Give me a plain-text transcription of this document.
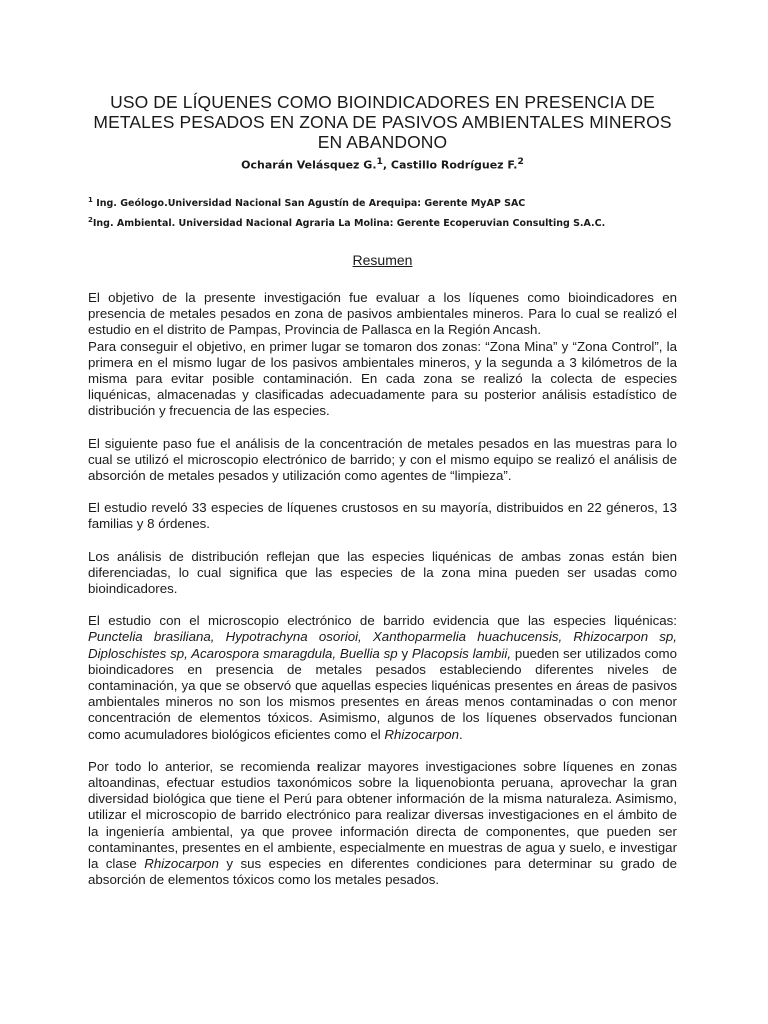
USO DE LÍQUENES COMO BIOINDICADORES EN PRESENCIA DE METALES PESADOS EN ZONA DE PASIVOS AMBIENTALES MINEROS EN ABANDONO
Ocharán Velásquez G.$^1$, Castillo Rodríguez F.$^2$
$^1$ Ing. Geólogo.Universidad Nacional San Agustín de Arequipa: Gerente MyAP SAC
$^2$Ing. Ambiental. Universidad Nacional Agraria La Molina: Gerente Ecoperuvian Consulting S.A.C.
Resumen

El objetivo de la presente investigación fue evaluar a los líquenes como bioindicadores en presencia de metales pesados en zona de pasivos ambientales mineros. Para lo cual se realizó el estudio en el distrito de Pampas, Provincia de Pallasca en la Región Ancash.

Para conseguir el objetivo, en primer lugar se tomaron dos zonas: “Zona Mina” y “Zona Control”, la primera en el mismo lugar de los pasivos ambientales mineros, y la segunda a 3 kilómetros de la misma para evitar posible contaminación. En cada zona se realizó la colecta de especies liquénicas, almacenadas y clasificadas adecuadamente para su posterior análisis estadístico de distribución y frecuencia de las especies.

El siguiente paso fue el análisis de la concentración de metales pesados en las muestras para lo cual se utilizó el microscopio electrónico de barrido; y con el mismo equipo se realizó el análisis de absorción de metales pesados y utilización como agentes de “limpieza”.

El estudio reveló 33 especies de líquenes crustosos en su mayoría, distribuidos en 22 géneros, 13 familias y 8 órdenes.

Los análisis de distribución reflejan que las especies liquénicas de ambas zonas están bien diferenciadas, lo cual significa que las especies de la zona mina pueden ser usadas como bioindicadores.

El estudio con el microscopio electrónico de barrido evidencia que las especies liquénicas: Punctelia brasiliana, Hypotrachyna osorioi, Xanthoparmelia huachucensis, Rhizocarpon sp, Diploschistes sp, Acarospora smaragdula, Buellia sp y Placopsis lambii, pueden ser utilizados como bioindicadores en presencia de metales pesados estableciendo diferentes niveles de contaminación, ya que se observó que aquellas especies liquénicas presentes en áreas de pasivos ambientales mineros no son los mismos presentes en áreas menos contaminadas o con menor concentración de elementos tóxicos. Asimismo, algunos de los líquenes observados funcionan como acumuladores biológicos eficientes como el Rhizocarpon.

Por todo lo anterior, se recomienda realizar mayores investigaciones sobre líquenes en zonas altoandinas, efectuar estudios taxonómicos sobre la liquenobionta peruana, aprovechar la gran diversidad biológica que tiene el Perú para obtener información de la misma naturaleza. Asimismo, utilizar el microscopio de barrido electrónico para realizar diversas investigaciones en el ámbito de la ingeniería ambiental, ya que provee información directa de componentes, que pueden ser contaminantes, presentes en el ambiente, especialmente en muestras de agua y suelo, e investigar la clase Rhizocarpon y sus especies en diferentes condiciones para determinar su grado de absorción de elementos tóxicos como los metales pesados.
